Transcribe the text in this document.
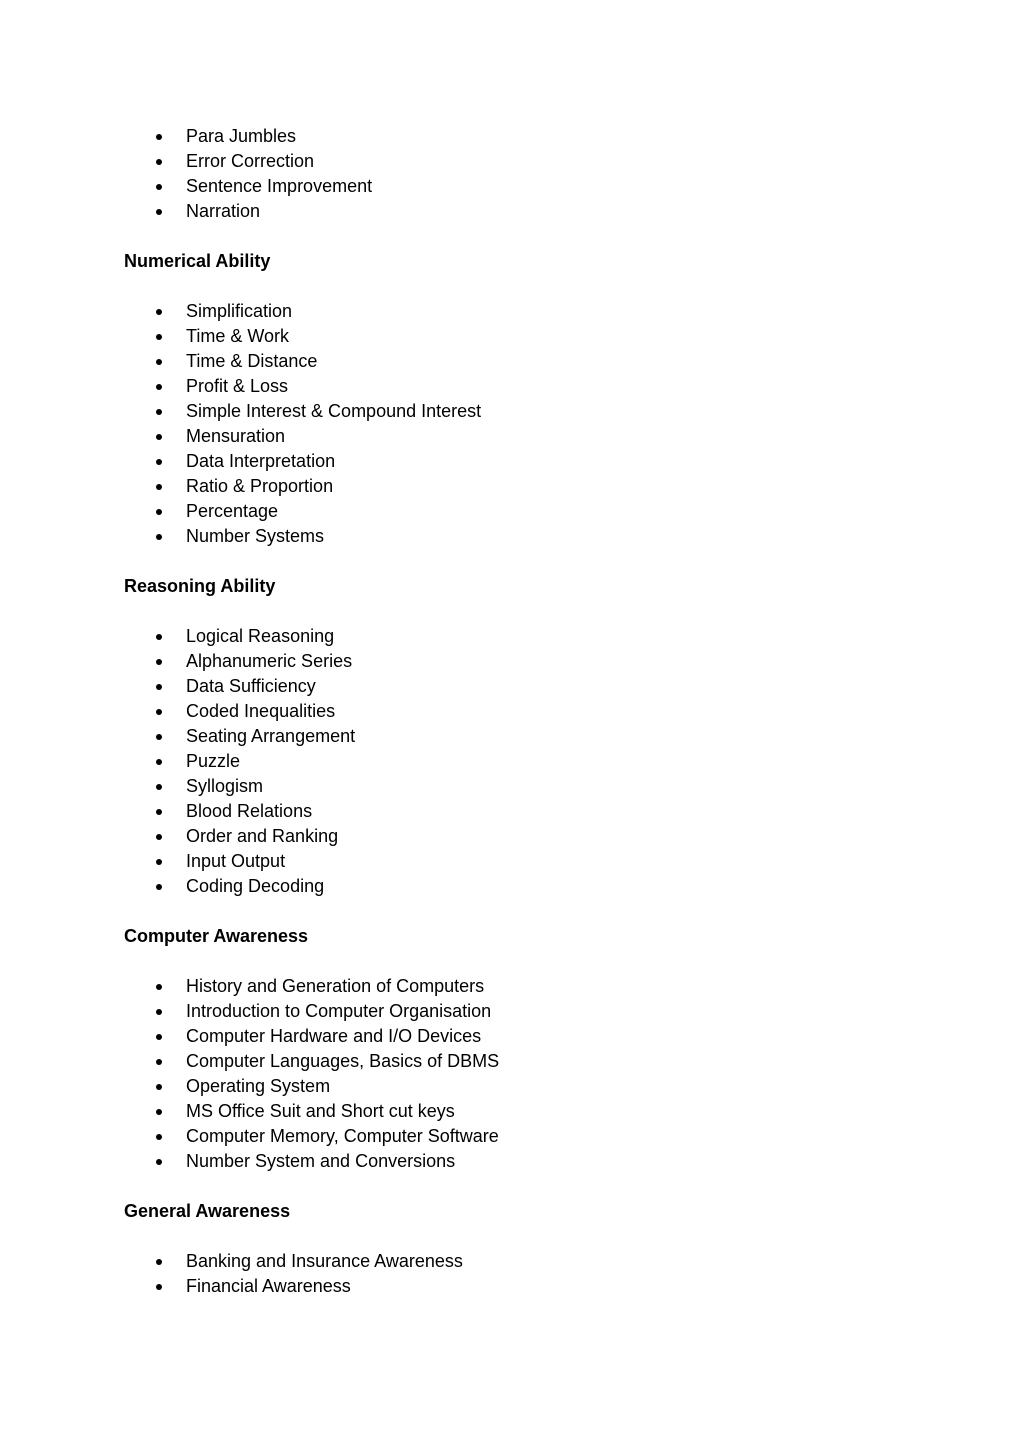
Para Jumbles
Error Correction
Sentence Improvement
Narration
Numerical Ability
Simplification
Time & Work
Time & Distance
Profit & Loss
Simple Interest & Compound Interest
Mensuration
Data Interpretation
Ratio & Proportion
Percentage
Number Systems
Reasoning Ability
Logical Reasoning
Alphanumeric Series
Data Sufficiency
Coded Inequalities
Seating Arrangement
Puzzle
Syllogism
Blood Relations
Order and Ranking
Input Output
Coding Decoding
Computer Awareness
History and Generation of Computers
Introduction to Computer Organisation
Computer Hardware and I/O Devices
Computer Languages, Basics of DBMS
Operating System
MS Office Suit and Short cut keys
Computer Memory, Computer Software
Number System and Conversions
General Awareness
Banking and Insurance Awareness
Financial Awareness
